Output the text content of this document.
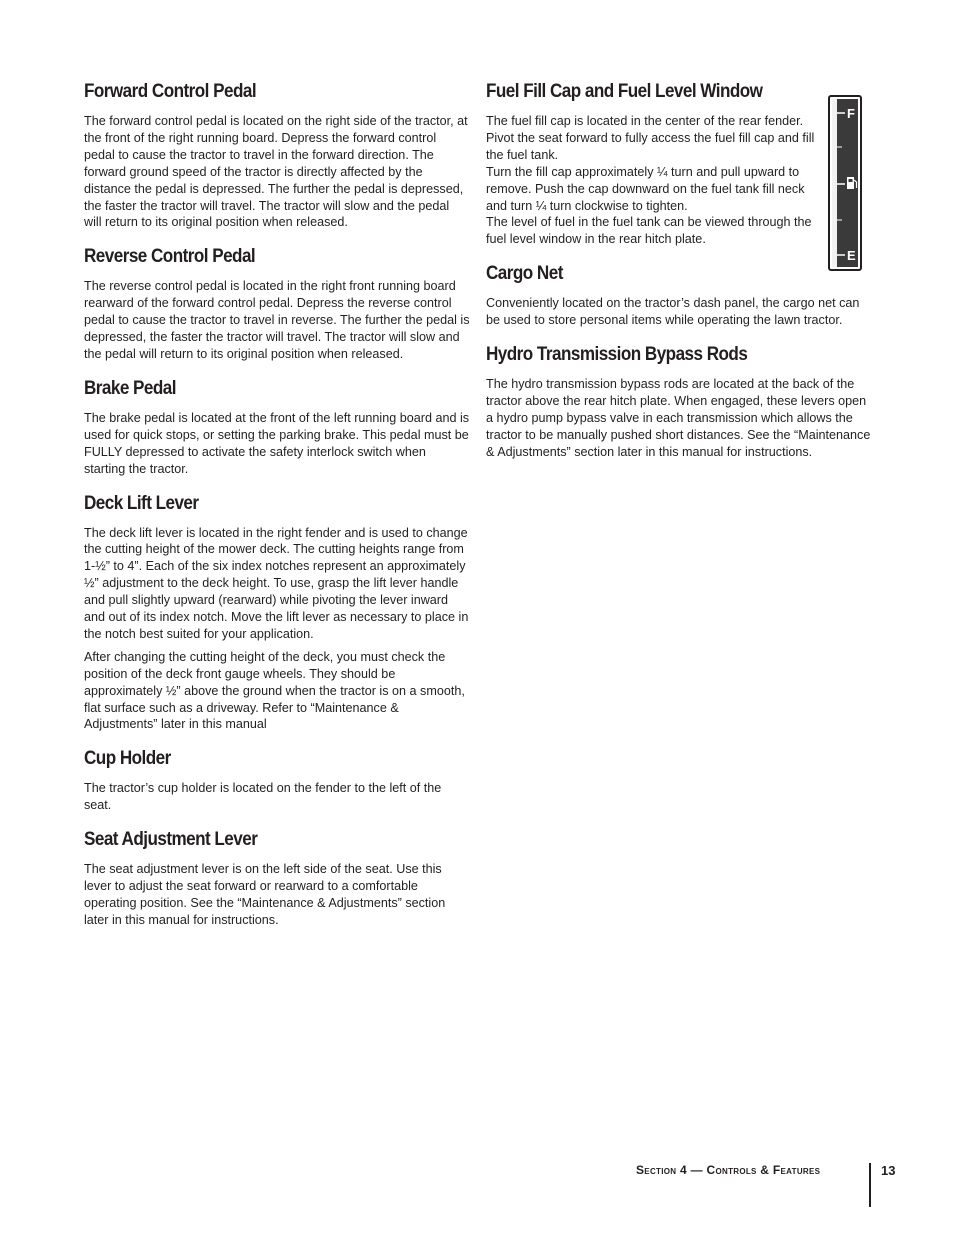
Forward Control Pedal

The forward control pedal is located on the right side of the tractor, at the front of the right running board. Depress the forward control pedal to cause the tractor to travel in the forward direction. The forward ground speed of the tractor is directly affected by the distance the pedal is depressed. The further the pedal is depressed, the faster the tractor will travel. The tractor will slow and the pedal will return to its original position when released.

Reverse Control Pedal

The reverse control pedal is located in the right front running board rearward of the forward control pedal. Depress the reverse control pedal to cause the tractor to travel in reverse. The further the pedal is depressed, the faster the tractor will travel. The tractor will slow and the pedal will return to its original position when released.

Brake Pedal

The brake pedal is located at the front of the left running board and is used for quick stops, or setting the parking brake. This pedal must be FULLY depressed to activate the safety interlock switch when starting the tractor.

Deck Lift Lever

The deck lift lever is located in the right fender and is used to change the cutting height of the mower deck. The cutting heights range from 1-½” to 4”. Each of the six index notches represent an approximately ½” adjustment to the deck height. To use, grasp the lift lever handle and pull slightly upward (rearward) while pivoting the lever inward and out of its index notch. Move the lift lever as necessary to place in the notch best suited for your application.

After changing the cutting height of the deck, you must check the position of the deck front gauge wheels. They should be approximately ½” above the ground when the tractor is on a smooth, flat surface such as a driveway. Refer to “Maintenance & Adjustments” later in this manual

Cup Holder

The tractor’s cup holder is located on the fender to the left of the seat.

Seat Adjustment Lever

The seat adjustment lever is on the left side of the seat. Use this lever to adjust the seat forward or rearward to a comfortable operating position. See the “Maintenance & Adjustments” section later in this manual for instructions.

Fuel Fill Cap and Fuel Level Window

The fuel fill cap is located in the center of the rear fender. Pivot the seat forward to fully access the fuel fill cap and fill the fuel tank.

Turn the fill cap approximately ¼ turn and pull upward to remove. Push the cap downward on the fuel tank fill neck and turn ¼ turn clockwise to tighten.

The level of fuel in the fuel tank can be viewed through the fuel level window in the rear hitch plate.

Cargo Net

Conveniently located on the tractor’s dash panel, the cargo net can be used to store personal items while operating the lawn tractor.

Hydro Transmission Bypass Rods

The hydro transmission bypass rods are located at the back of the tractor above the rear hitch plate. When engaged, these levers open a hydro pump bypass valve in each transmission which allows the tractor to be manually pushed short distances. See the “Maintenance & Adjustments” section later in this manual for instructions.

F
E
Section 4 — Controls & Features	13
